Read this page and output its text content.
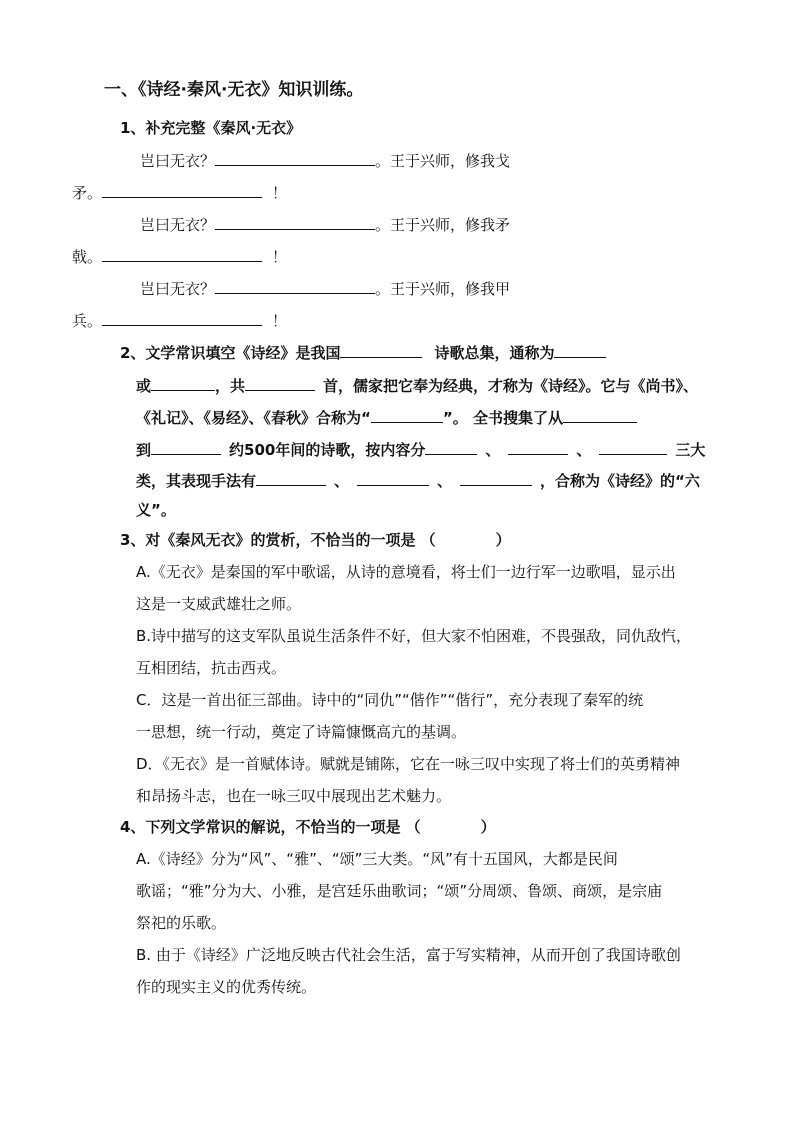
一、《诗经·秦风·无衣》知识训练。
1、补充完整《秦风·无衣》
岂曰无衣？	。王于兴师，修我戈
矛。	！
岂曰无衣？	。王于兴师，修我矛
戟。	！
岂曰无衣？	。王于兴师，修我甲
兵。	！
2、文学常识填空《诗经》是我国	诗歌总集，通称为
或	，共	首，儒家把它奉为经典，才称为《诗经》。它与《尚书》、
《礼记》、《易经》、《春秋》合称为“	”。 全书搜集了从
到	约500年间的诗歌，按内容分	、	、	三大
类，其表现手法有	、	、	，合称为《诗经》的“六
义”。
3、对《秦风无衣》的赏析，不恰当的一项是 （　　　　）
A.《无衣》是秦国的军中歌谣，从诗的意境看，将士们一边行军一边歌唱，显示出
这是一支威武雄壮之师。
B.诗中描写的这支军队虽说生活条件不好，但大家不怕困难，不畏强敌，同仇敌忾，
互相团结，抗击西戎。
C．这是一首出征三部曲。诗中的“同仇”“偕作”“偕行”，充分表现了秦军的统
一思想，统一行动，奠定了诗篇慷慨高亢的基调。
D．《无衣》是一首赋体诗。赋就是铺陈，它在一咏三叹中实现了将士们的英勇精神
和昂扬斗志，也在一咏三叹中展现出艺术魅力。
4、下列文学常识的解说，不恰当的一项是 （　　　　）
A.《诗经》分为“风”、“雅”、“颂”三大类。“风”有十五国风，大都是民间
歌谣；“雅”分为大、小雅，是宫廷乐曲歌词；“颂”分周颂、鲁颂、商颂，是宗庙
祭祀的乐歌。
B. 由于《诗经》广泛地反映古代社会生活，富于写实精神，从而开创了我国诗歌创
作的现实主义的优秀传统。
